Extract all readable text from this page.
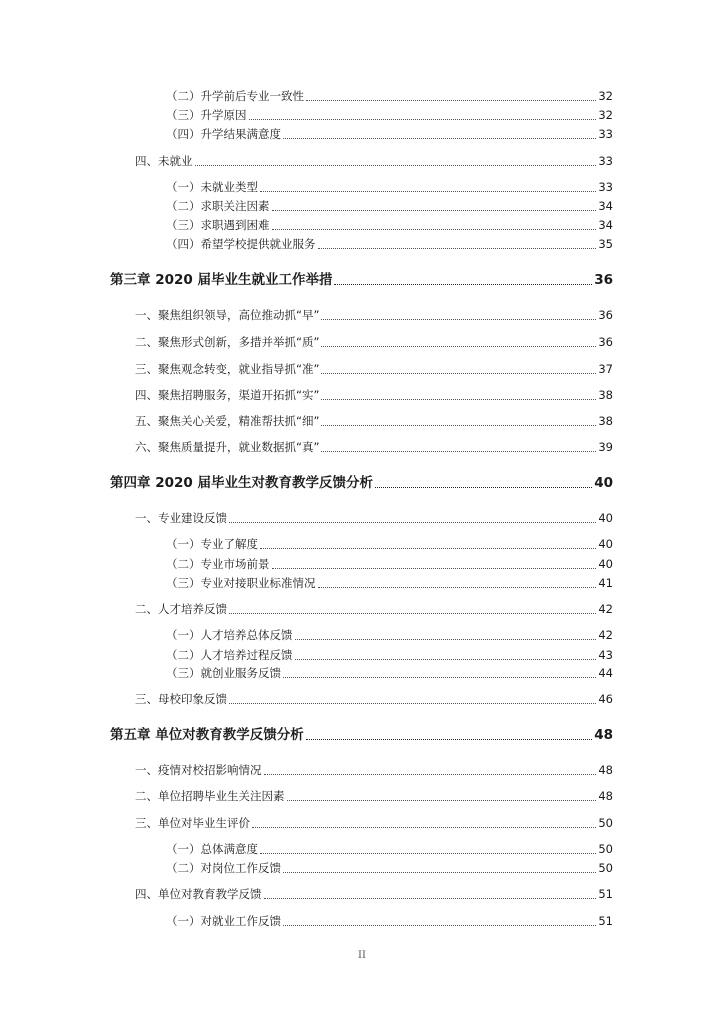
（二）升学前后专业一致性	32
（三）升学原因	32
（四）升学结果满意度	33
四、未就业	33
（一）未就业类型	33
（二）求职关注因素	34
（三）求职遇到困难	34
（四）希望学校提供就业服务	35
第三章 2020 届毕业生就业工作举措	36
一、聚焦组织领导，高位推动抓“早”	36
二、聚焦形式创新，多措并举抓“质”	36
三、聚焦观念转变，就业指导抓“准”	37
四、聚焦招聘服务，渠道开拓抓“实”	38
五、聚焦关心关爱，精准帮扶抓“细”	38
六、聚焦质量提升，就业数据抓“真”	39
第四章 2020 届毕业生对教育教学反馈分析	40
一、专业建设反馈	40
（一）专业了解度	40
（二）专业市场前景	40
（三）专业对接职业标准情况	41
二、人才培养反馈	42
（一）人才培养总体反馈	42
（二）人才培养过程反馈	43
（三）就创业服务反馈	44
三、母校印象反馈	46
第五章 单位对教育教学反馈分析	48
一、疫情对校招影响情况	48
二、单位招聘毕业生关注因素	48
三、单位对毕业生评价	50
（一）总体满意度	50
（二）对岗位工作反馈	50
四、单位对教育教学反馈	51
（一）对就业工作反馈	51
II
